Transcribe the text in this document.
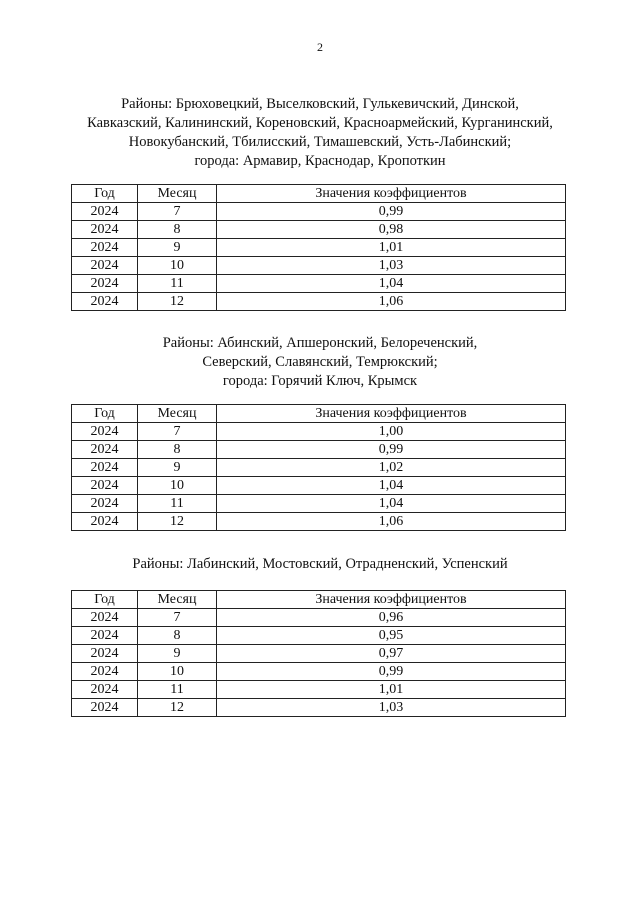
2
Районы: Брюховецкий, Выселковский, Гулькевичский, Динской,
Кавказский, Калининский, Кореновский, Красноармейский, Курганинский,
Новокубанский, Тбилисский, Тимашевский, Усть-Лабинский;
города: Армавир, Краснодар, Кропоткин
Год	Месяц	Значения коэффициентов
2024	7	0,99
2024	8	0,98
2024	9	1,01
2024	10	1,03
2024	11	1,04
2024	12	1,06
Районы: Абинский, Апшеронский, Белореченский,
Северский, Славянский, Темрюкский;
города: Горячий Ключ, Крымск
Год	Месяц	Значения коэффициентов
2024	7	1,00
2024	8	0,99
2024	9	1,02
2024	10	1,04
2024	11	1,04
2024	12	1,06
Районы: Лабинский, Мостовский, Отрадненский, Успенский
Год	Месяц	Значения коэффициентов
2024	7	0,96
2024	8	0,95
2024	9	0,97
2024	10	0,99
2024	11	1,01
2024	12	1,03
